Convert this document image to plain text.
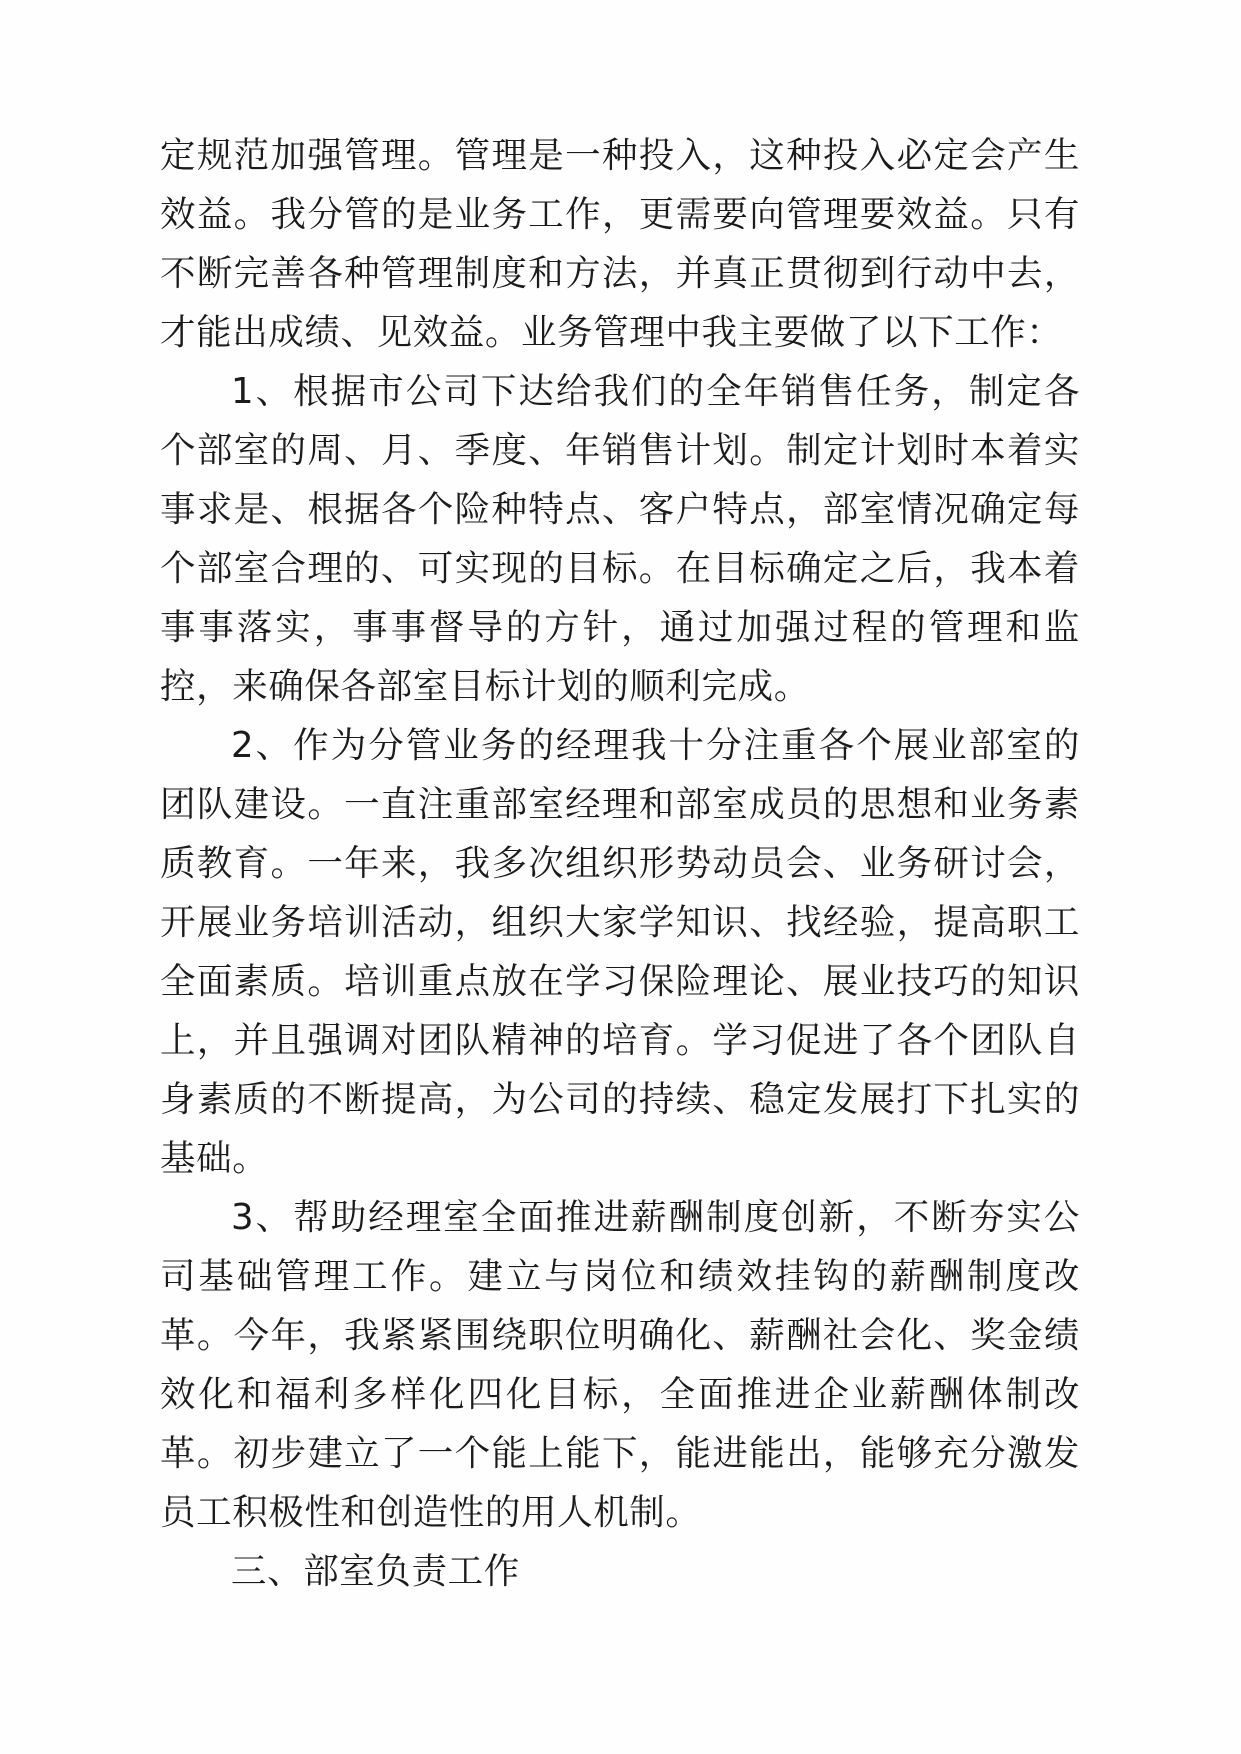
定规范加强管理。管理是一种投入，这种投入必定会产生效益。我分管的是业务工作，更需要向管理要效益。只有不断完善各种管理制度和方法，并真正贯彻到行动中去，才能出成绩、见效益。业务管理中我主要做了以下工作：

1、根据市公司下达给我们的全年销售任务，制定各个部室的周、月、季度、年销售计划。制定计划时本着实事求是、根据各个险种特点、客户特点，部室情况确定每个部室合理的、可实现的目标。在目标确定之后，我本着事事落实，事事督导的方针，通过加强过程的管理和监控，来确保各部室目标计划的顺利完成。

2、作为分管业务的经理我十分注重各个展业部室的团队建设。一直注重部室经理和部室成员的思想和业务素质教育。一年来，我多次组织形势动员会、业务研讨会，开展业务培训活动，组织大家学知识、找经验，提高职工全面素质。培训重点放在学习保险理论、展业技巧的知识上，并且强调对团队精神的培育。学习促进了各个团队自身素质的不断提高，为公司的持续、稳定发展打下扎实的基础。

3、帮助经理室全面推进薪酬制度创新，不断夯实公司基础管理工作。建立与岗位和绩效挂钩的薪酬制度改革。今年，我紧紧围绕职位明确化、薪酬社会化、奖金绩效化和福利多样化四化目标，全面推进企业薪酬体制改革。初步建立了一个能上能下，能进能出，能够充分激发员工积极性和创造性的用人机制。

三、部室负责工作
